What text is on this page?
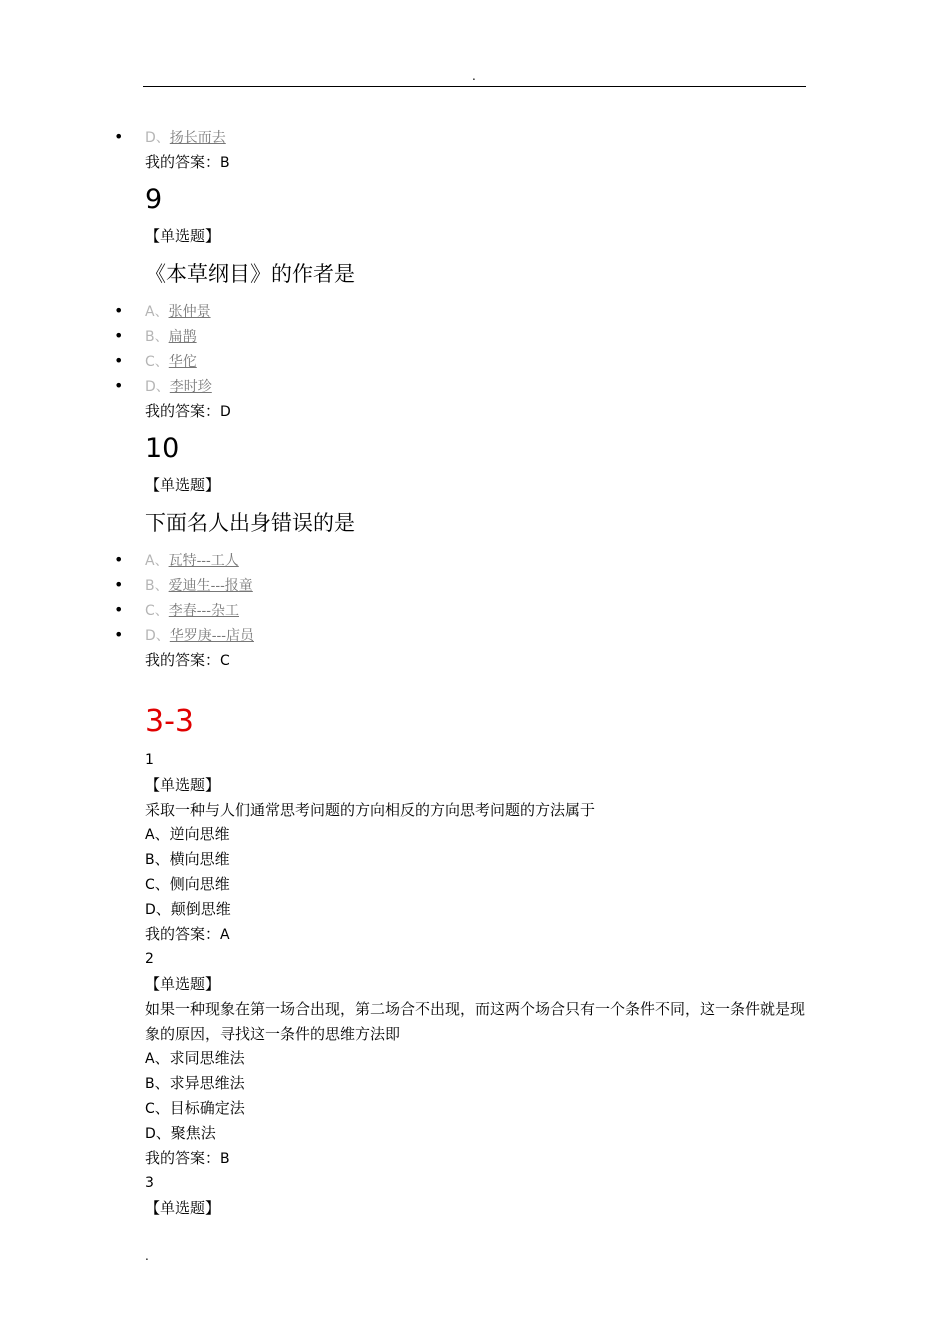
.
• D、扬长而去
我的答案：B
9
【单选题】
《本草纲目》的作者是
• A、张仲景
• B、扁鹊
• C、华佗
• D、李时珍
我的答案：D
10
【单选题】
下面名人出身错误的是
• A、瓦特---工人
• B、爱迪生---报童
• C、李春---杂工
• D、华罗庚---店员
我的答案：C
3-3
1
【单选题】
采取一种与人们通常思考问题的方向相反的方向思考问题的方法属于
A、逆向思维
B、横向思维
C、侧向思维
D、颠倒思维
我的答案：A
2
【单选题】
如果一种现象在第一场合出现，第二场合不出现，而这两个场合只有一个条件不同，这一条件就是现象的原因，寻找这一条件的思维方法即
A、求同思维法
B、求异思维法
C、目标确定法
D、聚焦法
我的答案：B
3
【单选题】
.
